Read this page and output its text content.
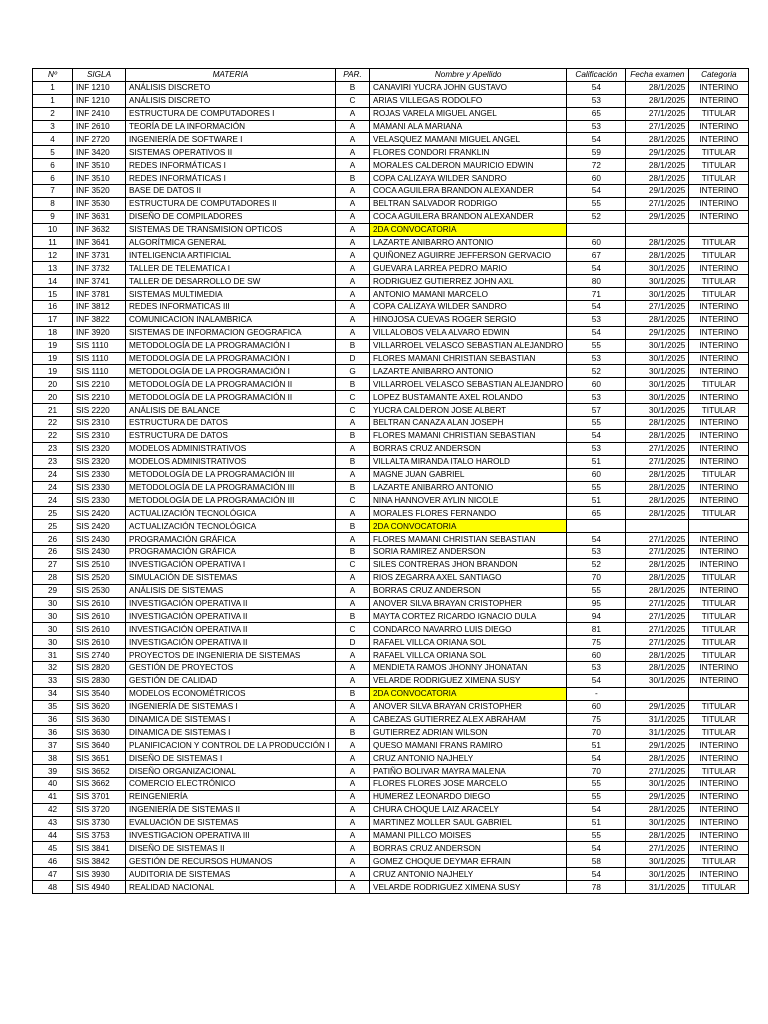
Nº	SIGLA	MATERIA	PAR.	Nombre y Apellido	Calificación	Fecha examen	Categoria
1	INF 1210	ANÁLISIS DISCRETO	B	CANAVIRI YUCRA JOHN GUSTAVO	54	28/1/2025	INTERINO
1	INF 1210	ANÁLISIS DISCRETO	C	ARIAS VILLEGAS RODOLFO	53	28/1/2025	INTERINO
2	INF 2410	ESTRUCTURA DE COMPUTADORES I	A	ROJAS VARELA MIGUEL ANGEL	65	27/1/2025	TITULAR
3	INF 2610	TEORÍA DE LA INFORMACIÓN	A	MAMANI ALA MARIANA	53	27/1/2025	INTERINO
4	INF 2720	INGENIERÍA DE SOFTWARE I	A	VELASQUEZ MAMANI MIGUEL ANGEL	54	28/1/2025	INTERINO
5	INF 3420	SISTEMAS OPERATIVOS II	A	FLORES CONDORI FRANKLIN	59	29/1/2025	TITULAR
6	INF 3510	REDES INFORMÁTICAS I	A	MORALES CALDERON MAURICIO EDWIN	72	28/1/2025	TITULAR
6	INF 3510	REDES INFORMÁTICAS I	B	COPA CALIZAYA WILDER SANDRO	60	28/1/2025	TITULAR
7	INF 3520	BASE DE DATOS II	A	COCA AGUILERA BRANDON ALEXANDER	54	29/1/2025	INTERINO
8	INF 3530	ESTRUCTURA DE COMPUTADORES II	A	BELTRAN SALVADOR RODRIGO	55	27/1/2025	INTERINO
9	INF 3631	DISEÑO DE COMPILADORES	A	COCA AGUILERA BRANDON ALEXANDER	52	29/1/2025	INTERINO
10	INF 3632	SISTEMAS DE TRANSMISION OPTICOS	A	2DA CONVOCATORIA			
11	INF 3641	ALGORÍTMICA GENERAL	A	LAZARTE ANIBARRO ANTONIO	60	28/1/2025	TITULAR
12	INF 3731	INTELIGENCIA ARTIFICIAL	A	QUIÑONEZ AGUIRRE JEFFERSON GERVACIO	67	28/1/2025	TITULAR
13	INF 3732	TALLER DE TELEMATICA I	A	GUEVARA LARREA PEDRO MARIO	54	30/1/2025	INTERINO
14	INF 3741	TALLER DE DESARROLLO DE SW	A	RODRIGUEZ GUTIERREZ JOHN AXL	80	30/1/2025	TITULAR
15	INF 3781	SISTEMAS MULTIMEDIA	A	ANTONIO MAMANI MARCELO	71	30/1/2025	TITULAR
16	INF 3812	REDES INFORMATICAS III	A	COPA CALIZAYA WILDER SANDRO	54	27/1/2025	INTERINO
17	INF 3822	COMUNICACION INALAMBRICA	A	HINOJOSA CUEVAS ROGER SERGIO	53	28/1/2025	INTERINO
18	INF 3920	SISTEMAS DE INFORMACION GEOGRAFICA	A	VILLALOBOS VELA ALVARO EDWIN	54	29/1/2025	INTERINO
19	SIS 1110	METODOLOGÍA DE LA PROGRAMACIÓN I	B	VILLARROEL VELASCO SEBASTIAN ALEJANDRO	55	30/1/2025	INTERINO
19	SIS 1110	METODOLOGÍA DE LA PROGRAMACIÓN I	D	FLORES MAMANI CHRISTIAN SEBASTIAN	53	30/1/2025	INTERINO
19	SIS 1110	METODOLOGÍA DE LA PROGRAMACIÓN I	G	LAZARTE ANIBARRO ANTONIO	52	30/1/2025	INTERINO
20	SIS 2210	METODOLOGÍA DE LA PROGRAMACIÓN II	B	VILLARROEL VELASCO SEBASTIAN ALEJANDRO	60	30/1/2025	TITULAR
20	SIS 2210	METODOLOGÍA DE LA PROGRAMACIÓN II	C	LOPEZ BUSTAMANTE AXEL ROLANDO	53	30/1/2025	INTERINO
21	SIS 2220	ANÁLISIS DE BALANCE	C	YUCRA CALDERON JOSE ALBERT	57	30/1/2025	TITULAR
22	SIS 2310	ESTRUCTURA DE DATOS	A	BELTRAN CANAZA ALAN JOSEPH	55	28/1/2025	INTERINO
22	SIS 2310	ESTRUCTURA DE DATOS	B	FLORES MAMANI CHRISTIAN SEBASTIAN	54	28/1/2025	INTERINO
23	SIS 2320	MODELOS ADMINISTRATIVOS	A	BORRAS CRUZ ANDERSON	53	27/1/2025	INTERINO
23	SIS 2320	MODELOS ADMINISTRATIVOS	B	VILLALTA MIRANDA ITALO HAROLD	51	27/1/2025	INTERINO
24	SIS 2330	METODOLOGÍA DE LA PROGRAMACIÓN III	A	MAGNE JUAN GABRIEL	60	28/1/2025	TITULAR
24	SIS 2330	METODOLOGÍA DE LA PROGRAMACIÓN III	B	LAZARTE ANIBARRO ANTONIO	55	28/1/2025	INTERINO
24	SIS 2330	METODOLOGÍA DE LA PROGRAMACIÓN III	C	NINA HANNOVER AYLIN NICOLE	51	28/1/2025	INTERINO
25	SIS 2420	ACTUALIZACIÓN TECNOLÓGICA	A	MORALES FLORES FERNANDO	65	28/1/2025	TITULAR
25	SIS 2420	ACTUALIZACIÓN TECNOLÓGICA	B	2DA CONVOCATORIA			
26	SIS 2430	PROGRAMACIÓN GRÁFICA	A	FLORES MAMANI CHRISTIAN SEBASTIAN	54	27/1/2025	INTERINO
26	SIS 2430	PROGRAMACIÓN GRÁFICA	B	SORIA RAMIREZ ANDERSON	53	27/1/2025	INTERINO
27	SIS 2510	INVESTIGACIÓN OPERATIVA I	C	SILES CONTRERAS JHON BRANDON	52	28/1/2025	INTERINO
28	SIS 2520	SIMULACIÓN DE SISTEMAS	A	RIOS ZEGARRA AXEL SANTIAGO	70	28/1/2025	TITULAR
29	SIS 2530	ANÁLISIS DE SISTEMAS	A	BORRAS CRUZ ANDERSON	55	28/1/2025	INTERINO
30	SIS 2610	INVESTIGACIÓN OPERATIVA II	A	ANOVER SILVA BRAYAN CRISTOPHER	95	27/1/2025	TITULAR
30	SIS 2610	INVESTIGACIÓN OPERATIVA II	B	MAYTA CORTEZ RICARDO IGNACIO DULA	94	27/1/2025	TITULAR
30	SIS 2610	INVESTIGACIÓN OPERATIVA II	C	CONDARCO NAVARRO LUIS DIEGO	81	27/1/2025	TITULAR
30	SIS 2610	INVESTIGACIÓN OPERATIVA II	D	RAFAEL VILLCA ORIANA SOL	75	27/1/2025	TITULAR
31	SIS 2740	PROYECTOS DE INGENIERIA DE SISTEMAS	A	RAFAEL VILLCA ORIANA SOL	60	28/1/2025	TITULAR
32	SIS 2820	GESTIÓN DE PROYECTOS	A	MENDIETA RAMOS JHONNY JHONATAN	53	28/1/2025	INTERINO
33	SIS 2830	GESTIÓN DE CALIDAD	A	VELARDE RODRIGUEZ XIMENA SUSY	54	30/1/2025	INTERINO
34	SIS 3540	MODELOS ECONOMÉTRICOS	B	2DA CONVOCATORIA	-		
35	SIS 3620	INGENIERÍA DE SISTEMAS I	A	ANOVER SILVA BRAYAN CRISTOPHER	60	29/1/2025	TITULAR
36	SIS 3630	DINAMICA DE SISTEMAS I	A	CABEZAS GUTIERREZ ALEX ABRAHAM	75	31/1/2025	TITULAR
36	SIS 3630	DINAMICA DE SISTEMAS I	B	GUTIERREZ ADRIAN WILSON	70	31/1/2025	TITULAR
37	SIS 3640	PLANIFICACION Y CONTROL DE LA PRODUCCIÓN I	A	QUESO MAMANI FRANS RAMIRO	51	29/1/2025	INTERINO
38	SIS 3651	DISEÑO DE SISTEMAS I	A	CRUZ ANTONIO NAJHELY	54	28/1/2025	INTERINO
39	SIS 3652	DISEÑO ORGANIZACIONAL	A	PATIÑO BOLIVAR MAYRA MALENA	70	27/1/2025	TITULAR
40	SIS 3662	COMERCIO ELECTRÓNICO	A	FLORES FLORES JOSE MARCELO	55	30/1/2025	INTERINO
41	SIS 3701	REINGENIERÍA	A	HUMEREZ LEONARDO DIEGO	55	29/1/2025	INTERINO
42	SIS 3720	INGENIERÍA DE SISTEMAS II	A	CHURA CHOQUE LAIZ ARACELY	54	28/1/2025	INTERINO
43	SIS 3730	EVALUACIÓN DE SISTEMAS	A	MARTINEZ MOLLER SAUL GABRIEL	51	30/1/2025	INTERINO
44	SIS 3753	INVESTIGACION OPERATIVA III	A	MAMANI PILLCO MOISES	55	28/1/2025	INTERINO
45	SIS 3841	DISEÑO DE SISTEMAS II	A	BORRAS CRUZ ANDERSON	54	27/1/2025	INTERINO
46	SIS 3842	GESTIÓN DE RECURSOS HUMANOS	A	GOMEZ CHOQUE DEYMAR EFRAIN	58	30/1/2025	TITULAR
47	SIS 3930	AUDITORIA DE SISTEMAS	A	CRUZ ANTONIO NAJHELY	54	30/1/2025	INTERINO
48	SIS 4940	REALIDAD NACIONAL	A	VELARDE RODRIGUEZ XIMENA SUSY	78	31/1/2025	TITULAR
